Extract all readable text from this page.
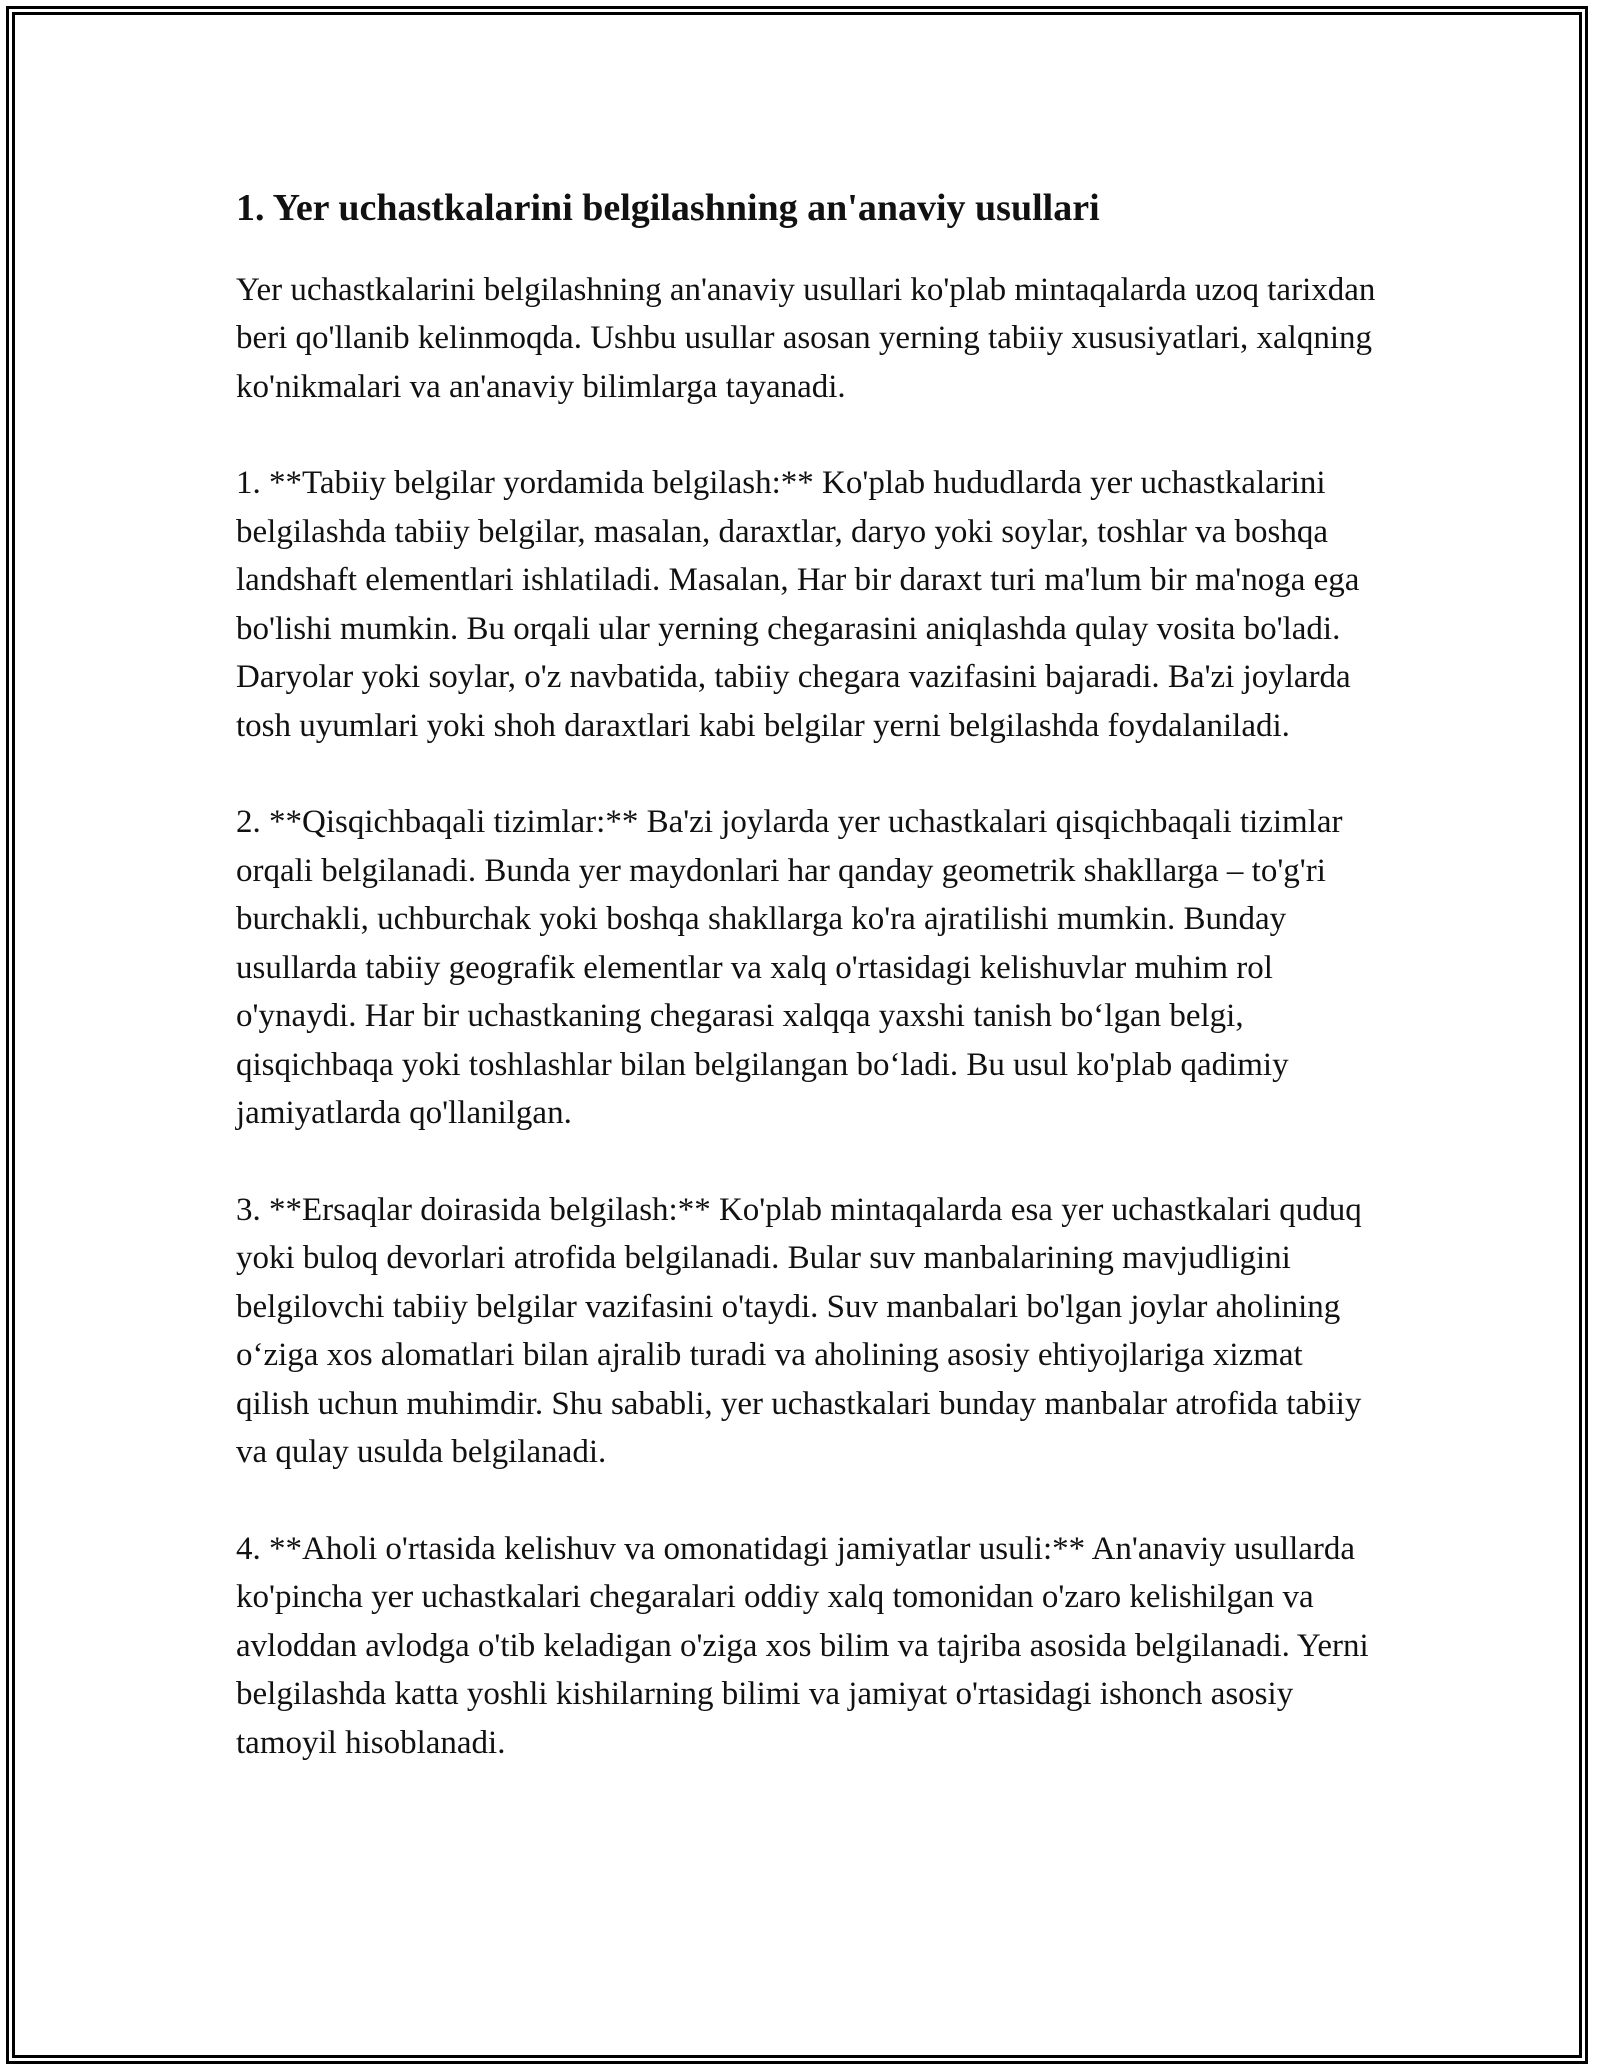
1. Yer uchastkalarini belgilashning an'anaviy usullari

Yer uchastkalarini belgilashning an'anaviy usullari ko'plab mintaqalarda uzoq tarixdan beri qo'llanib kelinmoqda. Ushbu usullar asosan yerning tabiiy xususiyatlari, xalqning ko'nikmalari va an'anaviy bilimlarga tayanadi.

1. **Tabiiy belgilar yordamida belgilash:** Ko'plab hududlarda yer uchastkalarini belgilashda tabiiy belgilar, masalan, daraxtlar, daryo yoki soylar, toshlar va boshqa landshaft elementlari ishlatiladi. Masalan, Har bir daraxt turi ma'lum bir ma'noga ega bo'lishi mumkin. Bu orqali ular yerning chegarasini aniqlashda qulay vosita bo'ladi. Daryolar yoki soylar, o'z navbatida, tabiiy chegara vazifasini bajaradi. Ba'zi joylarda tosh uyumlari yoki shoh daraxtlari kabi belgilar yerni belgilashda foydalaniladi.

2. **Qisqichbaqali tizimlar:** Ba'zi joylarda yer uchastkalari qisqichbaqali tizimlar orqali belgilanadi. Bunda yer maydonlari har qanday geometrik shakllarga – to'g'ri burchakli, uchburchak yoki boshqa shakllarga ko'ra ajratilishi mumkin. Bunday usullarda tabiiy geografik elementlar va xalq o'rtasidagi kelishuvlar muhim rol o'ynaydi. Har bir uchastkaning chegarasi xalqqa yaxshi tanish bo‘lgan belgi, qisqichbaqa yoki toshlashlar bilan belgilangan bo‘ladi. Bu usul ko'plab qadimiy jamiyatlarda qo'llanilgan.

3. **Ersaqlar doirasida belgilash:** Ko'plab mintaqalarda esa yer uchastkalari quduq yoki buloq devorlari atrofida belgilanadi. Bular suv manbalarining mavjudligini belgilovchi tabiiy belgilar vazifasini o'taydi. Suv manbalari bo'lgan joylar aholining o‘ziga xos alomatlari bilan ajralib turadi va aholining asosiy ehtiyojlariga xizmat qilish uchun muhimdir. Shu sababli, yer uchastkalari bunday manbalar atrofida tabiiy va qulay usulda belgilanadi.

4. **Aholi o'rtasida kelishuv va omonatidagi jamiyatlar usuli:** An'anaviy usullarda ko'pincha yer uchastkalari chegaralari oddiy xalq tomonidan o'zaro kelishilgan va avloddan avlodga o'tib keladigan o'ziga xos bilim va tajriba asosida belgilanadi. Yerni belgilashda katta yoshli kishilarning bilimi va jamiyat o'rtasidagi ishonch asosiy tamoyil hisoblanadi.
